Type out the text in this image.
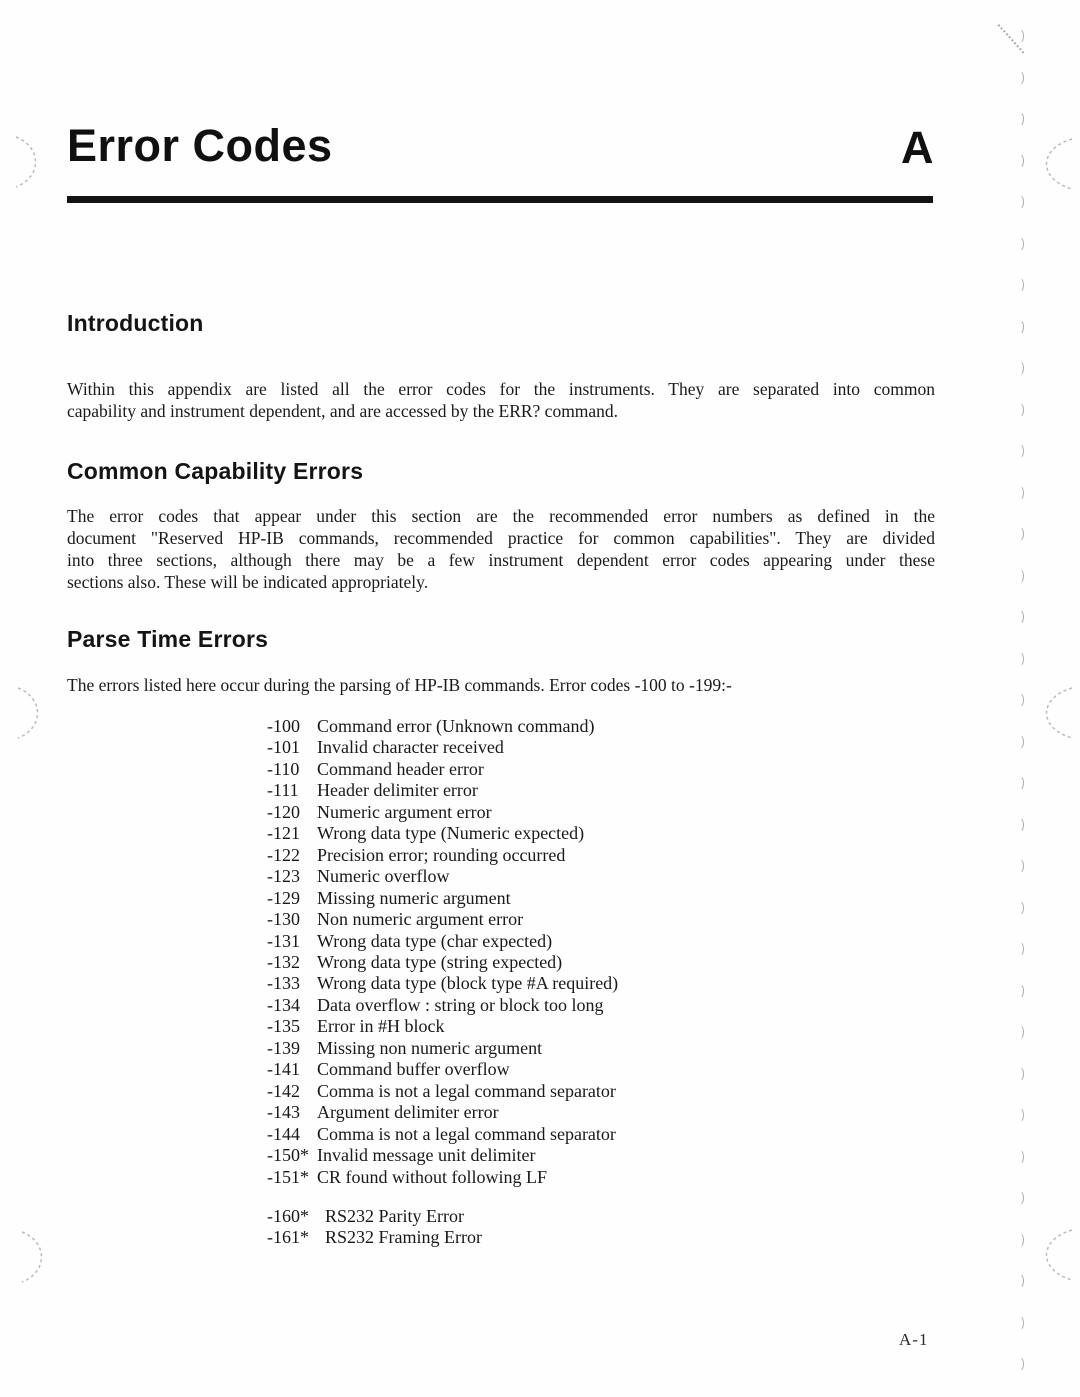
Error Codes	A
Introduction
Within this appendix are listed all the error codes for the instruments. They are separated into common
capability and instrument dependent, and are accessed by the ERR? command.
Common Capability Errors
The error codes that appear under this section are the recommended error numbers as defined in the
document "Reserved HP-IB commands, recommended practice for common capabilities". They are divided
into three sections, although there may be a few instrument dependent error codes appearing under these
sections also. These will be indicated appropriately.
Parse Time Errors
The errors listed here occur during the parsing of HP-IB commands. Error codes -100 to -199:-
-100 Command error (Unknown command)
-101 Invalid character received
-110 Command header error
-111	Header delimiter error
-120 Numeric argument error
-121 Wrong data type (Numeric expected)
-122 Precision error; rounding occurred
-123 Numeric overflow
-129 Missing numeric argument
-130 Non numeric argument error
-131 Wrong data type (char expected)
-132 Wrong data type (string expected)
-133 Wrong data type (block type #A required)
-134 Data overflow : string or block too long
-135 Error in #H block
-139 Missing non numeric argument
-141 Command buffer overflow
-142 Comma is not a legal command separator
-143 Argument delimiter error
-144 Comma is not a legal command separator
-150* Invalid message unit delimiter
-151* CR found without following LF
-160* RS232 Parity Error
-161* RS232 Framing Error
A-1
